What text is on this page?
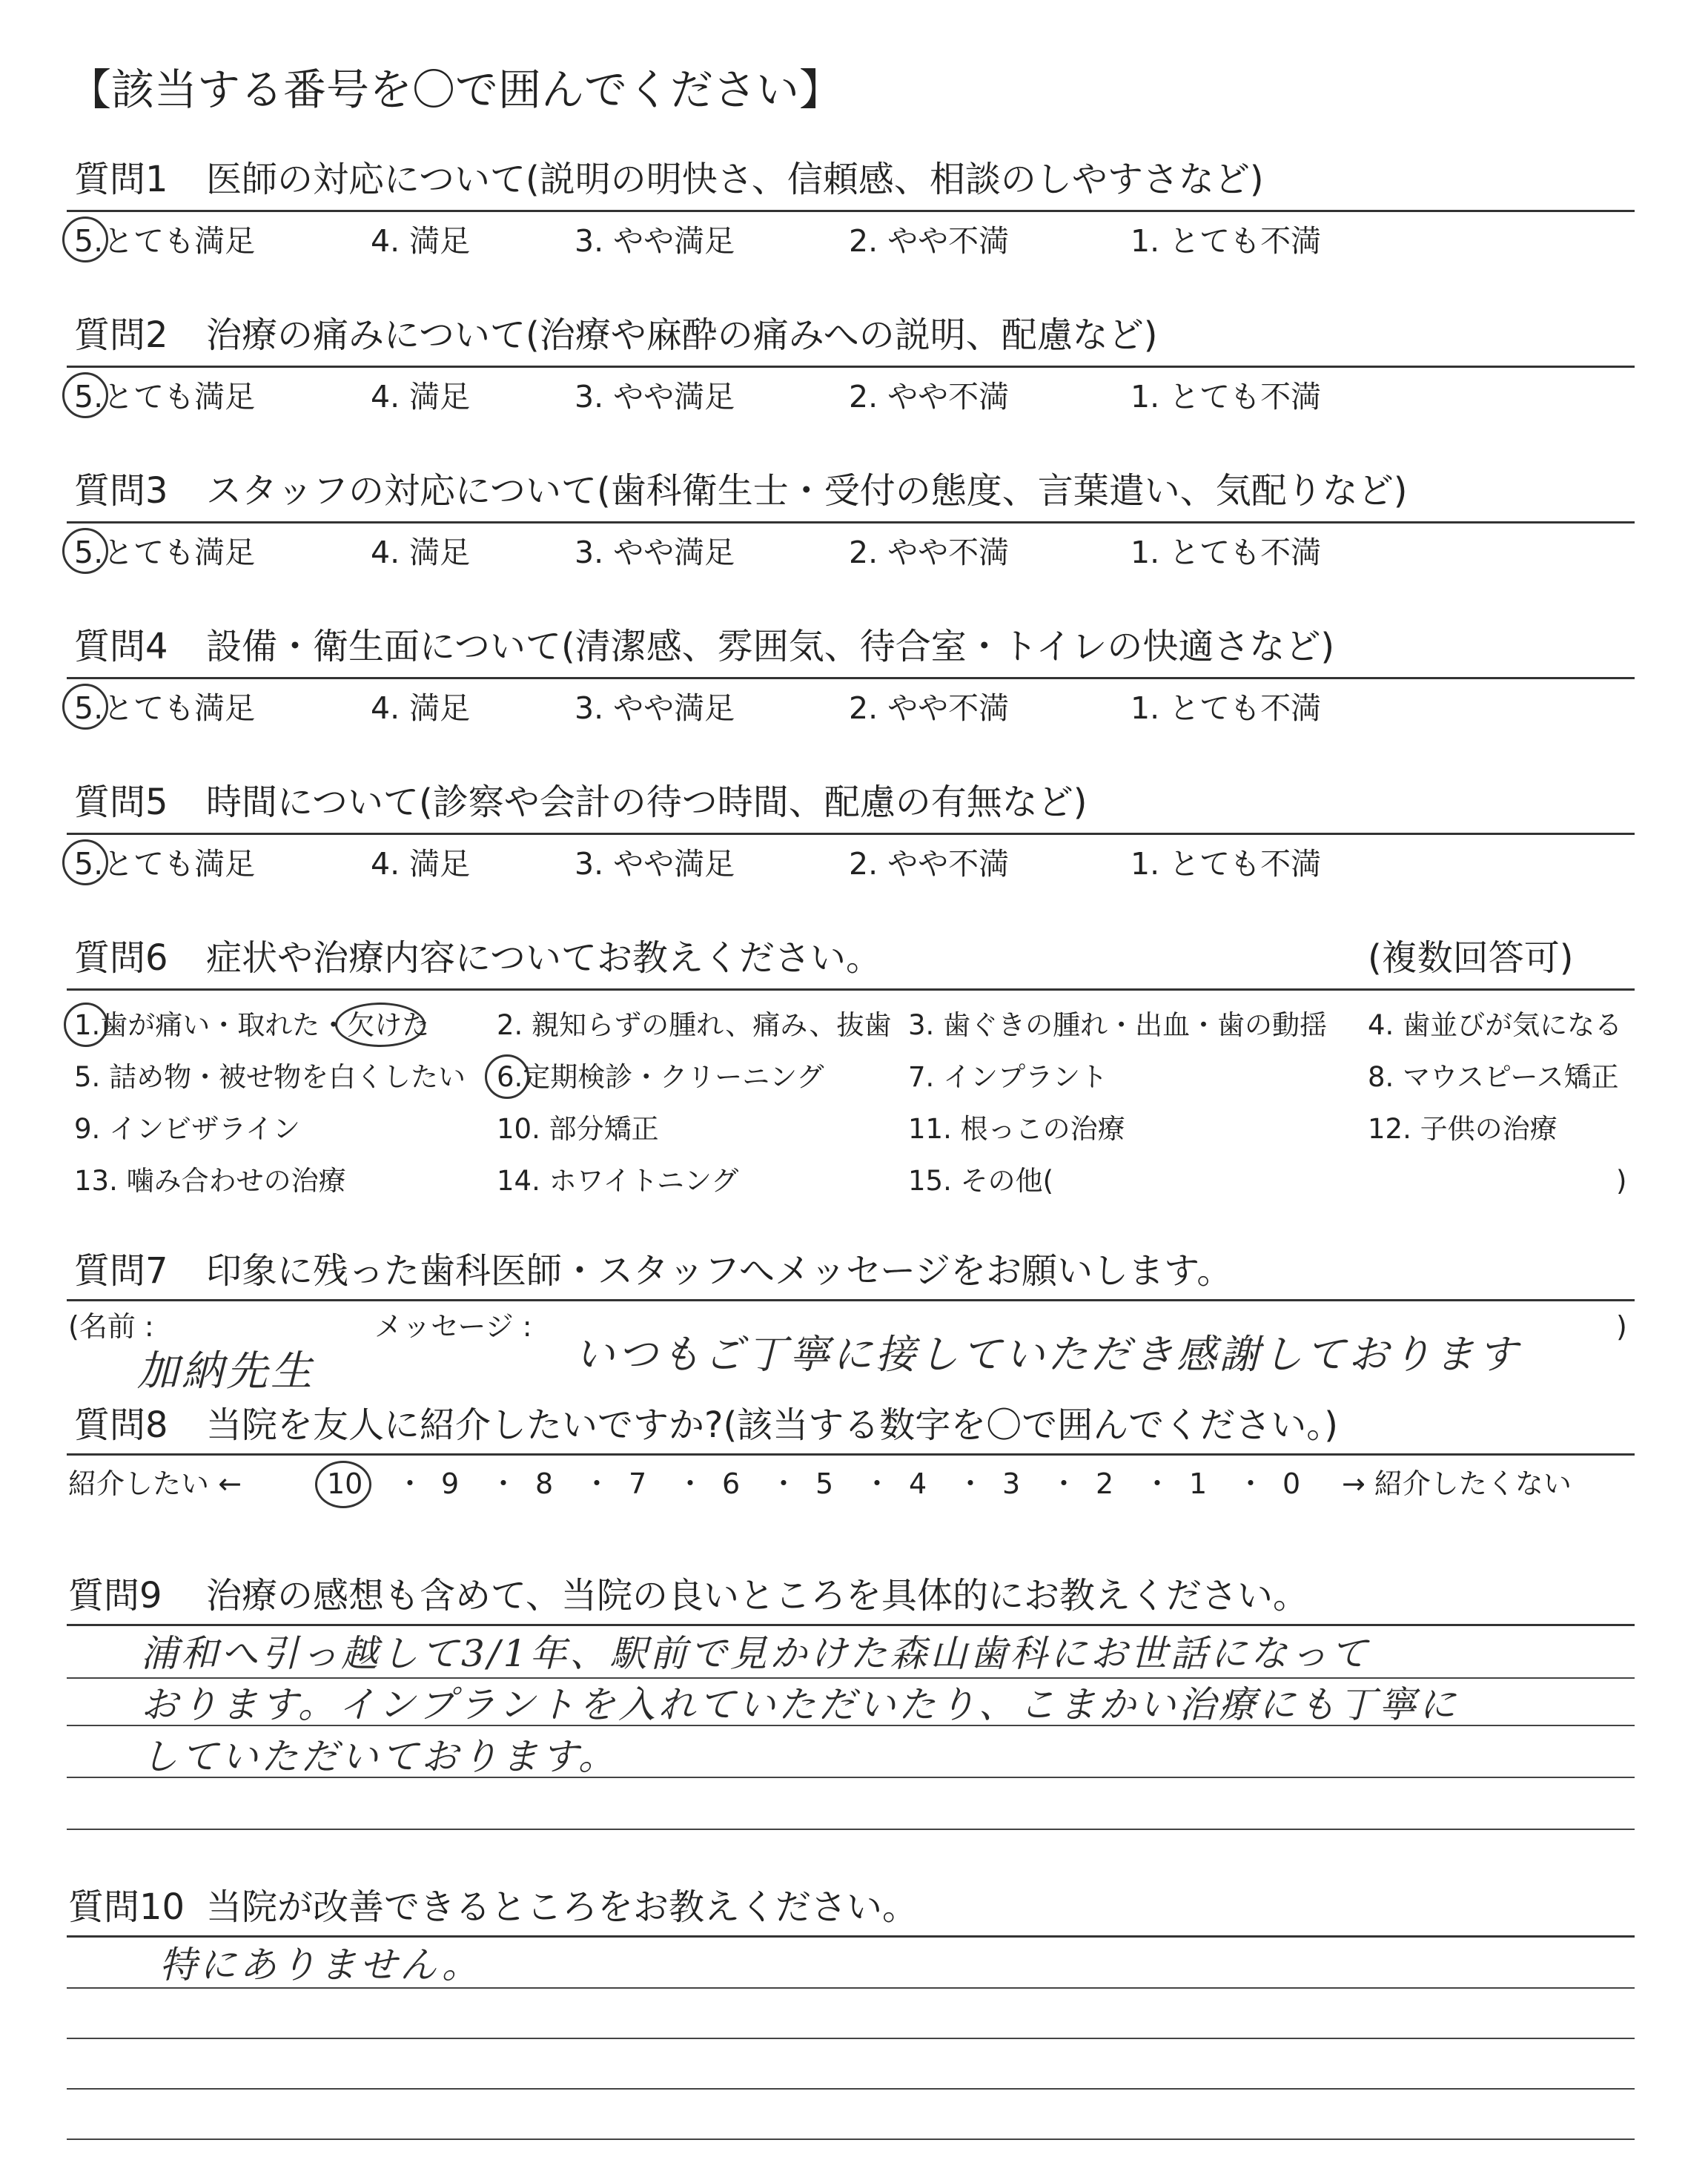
【該当する番号を〇で囲んでください】
質問1 医師の対応について(説明の明快さ、信頼感、相談のしやすさなど)
5.とても満足	4. 満足	3. やや満足	2. やや不満	1. とても不満
質問2 治療の痛みについて(治療や麻酔の痛みへの説明、配慮など)
5.とても満足	4. 満足	3. やや満足	2. やや不満	1. とても不満
質問3 スタッフの対応について(歯科衛生士・受付の態度、言葉遣い、気配りなど)
5.とても満足	4. 満足	3. やや満足	2. やや不満	1. とても不満
質問4 設備・衛生面について(清潔感、雰囲気、待合室・トイレの快適さなど)
5.とても満足	4. 満足	3. やや満足	2. やや不満	1. とても不満
質問5 時間について(診察や会計の待つ時間、配慮の有無など)
5.とても満足	4. 満足	3. やや満足	2. やや不満	1. とても不満
質問6 症状や治療内容についてお教えください。	(複数回答可)
1.歯が痛い・取れた・欠けた 2. 親知らずの腫れ、痛み、抜歯 3. 歯ぐきの腫れ・出血・歯の動揺 4. 歯並びが気になる
5. 詰め物・被せ物を白くしたい 6.定期検診・クリーニング	7. インプラント	8. マウスピース矯正
9. インビザライン	10. 部分矯正	11. 根っこの治療	12. 子供の治療
13. 噛み合わせの治療	14. ホワイトニング	15. その他(	)
質問7 印象に残った歯科医師・スタッフへメッセージをお願いします。
(名前 :	メッセージ :	)
加納先生	いつもご丁寧に接していただき感謝しております
質問8 当院を友人に紹介したいですか?(該当する数字を〇で囲んでください。)
紹介したい ←	10 ・ 9 ・ 8 ・ 7 ・ 6 ・ 5 ・ 4 ・ 3 ・ 2 ・ 1 ・ 0 → 紹介したくない
質問9 治療の感想も含めて、当院の良いところを具体的にお教えください。
浦和へ引っ越して3/1年、駅前で見かけた森山歯科にお世話になって
おります。インプラントを入れていただいたり、こまかい治療にも丁寧に
していただいております。
質問10 当院が改善できるところをお教えください。
特にありません。
